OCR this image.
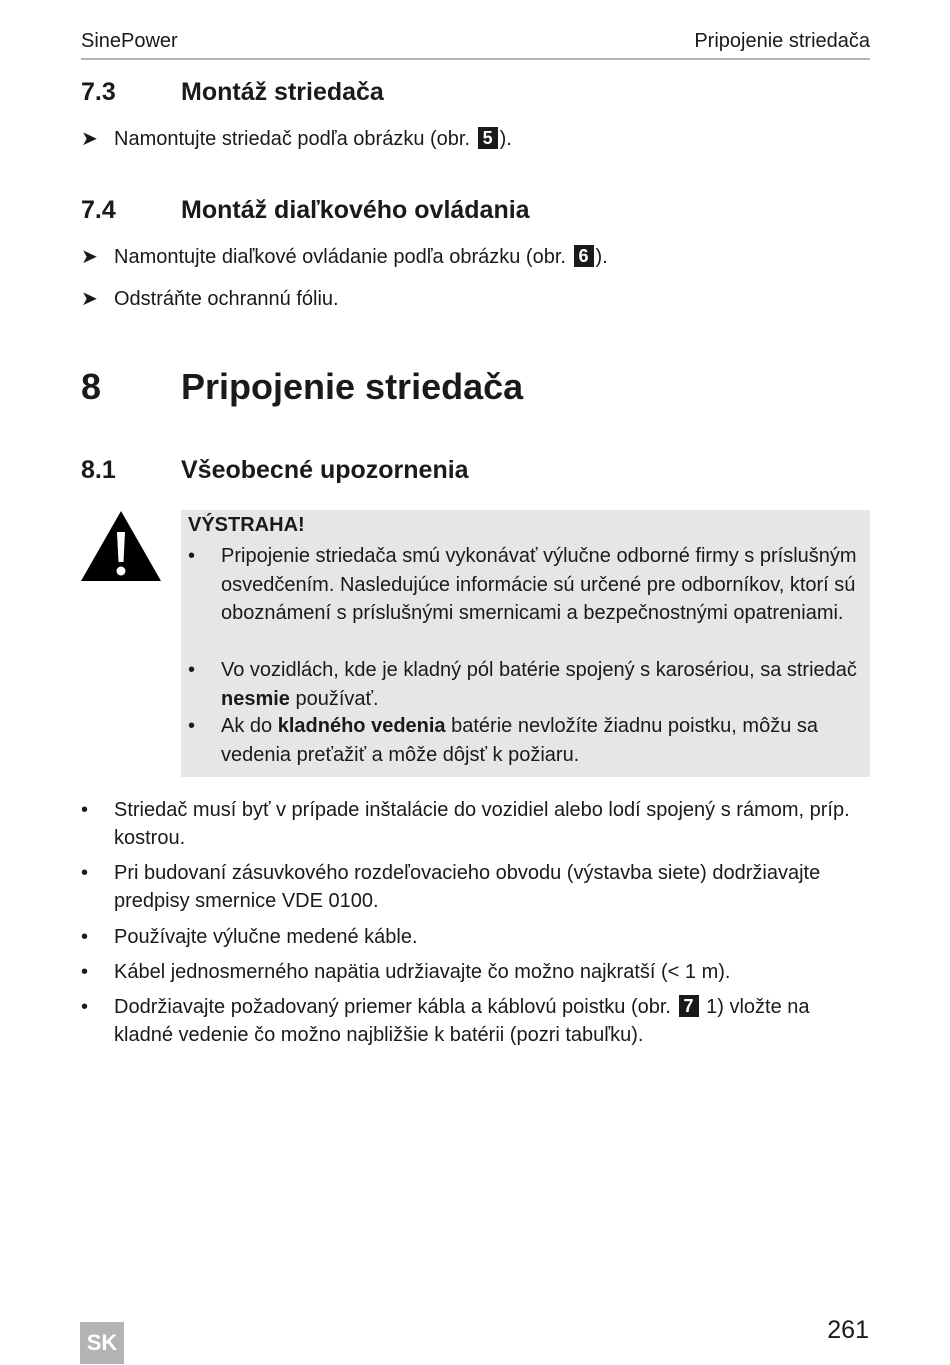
SinePower	Pripojenie striedača
7.3	Montáž striedača
➤ Namontujte striedač podľa obrázku (obr. 5 ).
7.4	Montáž diaľkového ovládania
➤ Namontujte diaľkové ovládanie podľa obrázku (obr. 6 ).
➤ Odstráňte ochrannú fóliu.
8 Pripojenie striedača
8.1	Všeobecné upozornenia
VÝSTRAHA!
• Pripojenie striedača smú vykonávať výlučne odborné firmy s príslušným osvedčením. Nasledujúce informácie sú určené pre odborníkov, ktorí sú oboznámení s príslušnými smernicami a bezpečnostnými opatreniami.
• Vo vozidlách, kde je kladný pól batérie spojený s karosériou, sa striedač nesmie používať.
• Ak do kladného vedenia batérie nevložíte žiadnu poistku, môžu sa vedenia preťažiť a môže dôjsť k požiaru.
• Striedač musí byť v prípade inštalácie do vozidiel alebo lodí spojený s rámom, príp. kostrou.
• Pri budovaní zásuvkového rozdeľovacieho obvodu (výstavba siete) dodržiavajte predpisy smernice VDE 0100.
• Používajte výlučne medené káble.
• Kábel jednosmerného napätia udržiavajte čo možno najkratší (< 1 m).
• Dodržiavajte požadovaný priemer kábla a káblovú poistku (obr. 7 1) vložte na kladné vedenie čo možno najbližšie k batérii (pozri tabuľku).
SK	261
